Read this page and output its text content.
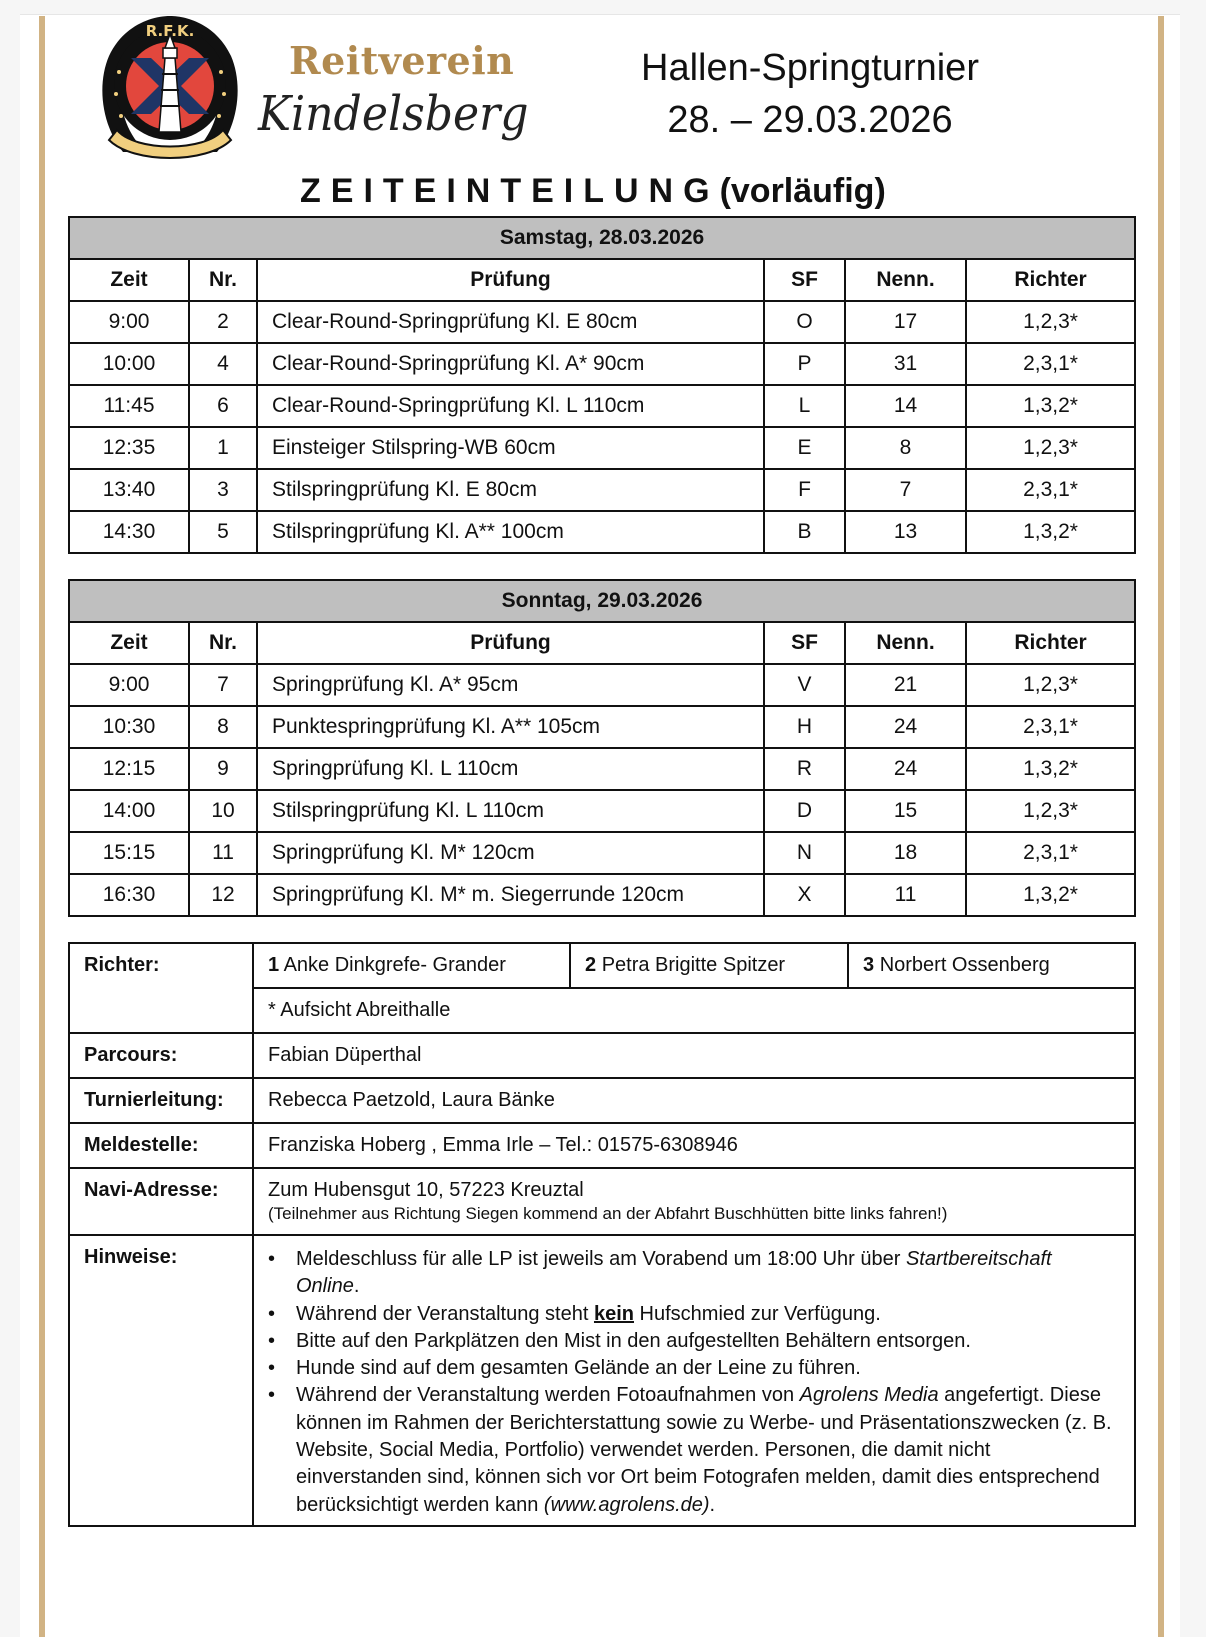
R.F.K.
Reitverein
Kindelsberg
Hallen-Springturnier
28. – 29.03.2026
ZEITEINTEILUNG(vorläufig)
Samstag, 28.03.2026					
Zeit	Nr.	Prüfung	SF	Nenn.	Richter
9:00	2	Clear-Round-Springprüfung Kl. E 80cm	O	17	1,2,3*
10:00	4	Clear-Round-Springprüfung Kl. A* 90cm	P	31	2,3,1*
11:45	6	Clear-Round-Springprüfung Kl. L 110cm	L	14	1,3,2*
12:35	1	Einsteiger Stilspring-WB 60cm	E	8	1,2,3*
13:40	3	Stilspringprüfung Kl. E 80cm	F	7	2,3,1*
14:30	5	Stilspringprüfung Kl. A** 100cm	B	13	1,3,2*
Sonntag, 29.03.2026					
Zeit	Nr.	Prüfung	SF	Nenn.	Richter
9:00	7	Springprüfung Kl. A* 95cm	V	21	1,2,3*
10:30	8	Punktespringprüfung Kl. A** 105cm	H	24	2,3,1*
12:15	9	Springprüfung Kl. L 110cm	R	24	1,3,2*
14:00	10	Stilspringprüfung Kl. L 110cm	D	15	1,2,3*
15:15	11	Springprüfung Kl. M* 120cm	N	18	2,3,1*
16:30	12	Springprüfung Kl. M* m. Siegerrunde 120cm	X	11	1,3,2*
Richter:	1 Anke Dinkgrefe- Grander	2 Petra Brigitte Spitzer	3 Norbert Ossenberg
	* Aufsicht Abreithalle		
Parcours:	Fabian Düperthal		
Turnierleitung:	Rebecca Paetzold, Laura Bänke		
Meldestelle:	Franziska Hoberg , Emma Irle – Tel.: 01575-6308946		
Navi-Adresse:	Zum Hubensgut 10, 57223 Kreuztal
(Teilnehmer aus Richtung Siegen kommend an der Abfahrt Buschhütten bitte links fahren!)		

Hinweise:	
•Meldeschluss für alle LP ist jeweils am Vorabend um 18:00 Uhr über Startbereitschaft Online.
• Während der Veranstaltung steht kein Hufschmied zur Verfügung.
• Bitte auf den Parkplätzen den Mist in den aufgestellten Behältern entsorgen.
• Hunde sind auf dem gesamten Gelände an der Leine zu führen.
• Während der Veranstaltung werden Fotoaufnahmen von Agrolens Media angefertigt. Diese können im Rahmen der Berichterstattung sowie zu Werbe- und Präsentationszwecken (z. B. Website, Social Media, Portfolio) verwendet werden. Personen, die damit nicht einverstanden sind, können sich vor Ort beim Fotografen melden, damit dies entsprechend berücksichtigt werden kann (www.agrolens.de).
